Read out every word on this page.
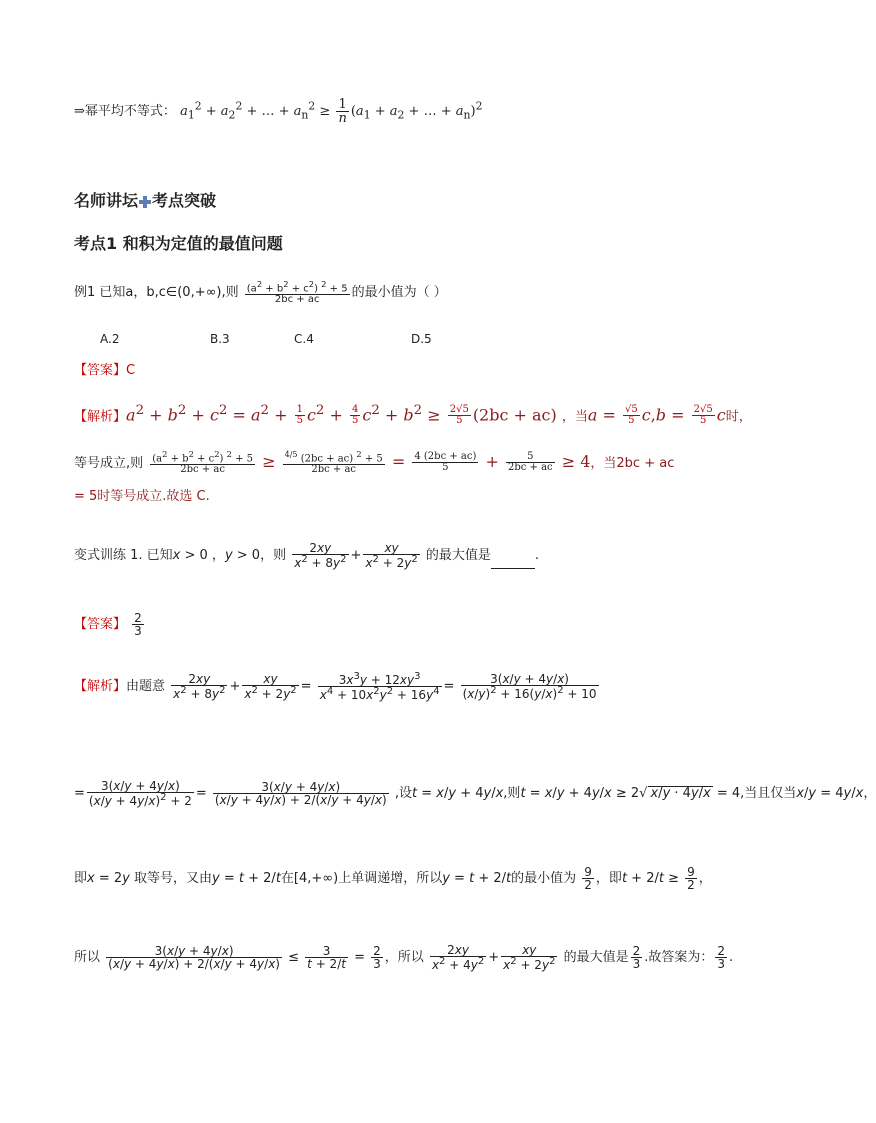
⇒幂平均不等式： $a_1^2 + a_2^2$ + … + $a_n^2 \ge \frac{1}{n} (a_1 + a_2$ + … + $a_n)^2$
名师讲坛 考点突破
考点1 和积为定值的最值问题
例1 已知a，b,c∈(0,+∞),则 $\frac{(a^2 + b^2 + c^2) ^2 + 5}{2bc + ac}$ 的最小值为（ ）
A.2	B.3	C.4	D.5
【答案】C
【解析】$a^2 + b^2 + c^2 = a^2 + \frac{1}{5} c^2 + \frac{4}{5} c^2 + b^2 \ge \frac{2√5}{5} (2bc + ac)$ ，当$a = \frac{√5}{5} c,b = \frac{2√5}{5}$ c时，
等号成立,则 $\frac{(a^2 + b^2 + c^2) ^2 + 5}{2bc + ac} \ge \frac{^{4/5} (2bc + ac) ^2 + 5}{2bc + ac} = \frac{4 (2bc + ac)}{5} + \frac{5}{2bc + ac} \ge 4$，当2bc + ac
= 5时等号成立.故选 C.
变式训练 1. 已知x > 0 ，y > 0，则 $\frac{2xy}{x^2 + 8y^2} + \frac{xy}{x^2 + 2y^2}$ 的最大值是	.
【答案】 $\frac{2}{3}$
【解析】由题意 $\frac{2xy}{x^2 + 8y^2} + \frac{xy}{x^2 + 2y^2} = \frac{3x^3y + 12xy^3}{x^4 + 10x^2y^2 + 16y^4} = \frac{3(x/y + 4y/x)}{(x/y)^2 + 16(y/x)^2 + 10}$
= $\frac{3(x/y + 4y/x)}{(x/y + 4y/x)^2 + 2} = \frac{3(x/y + 4y/x)}{(x/y + 4y/x) + 2/(x/y + 4y/x)}$ ,设t = x/y + 4y/x,则t = x/y + 4y/x ≥ 2√ x/y · 4y/x = 4,当且仅当x/y = 4y/x，
即x = 2y 取等号，又由y = t + 2/t在[4,+∞)上单调递增，所以y = t + 2/t的最小值为 $\frac{9}{2}$ ，即$t + 2/t \ge \frac{9}{2}$ ，
所以 $\frac{3(x/y + 4y/x)}{(x/y + 4y/x) + 2/(x/y + 4y/x)} \le \frac{3}{t + 2/t} = \frac{2}{3}$ ，所以 $\frac{2xy}{x^2 + 4y^2} + \frac{xy}{x^2 + 2y^2}$ 的最大值是 $\frac{2}{3}$ .故答案为： $\frac{2}{3}$ .
